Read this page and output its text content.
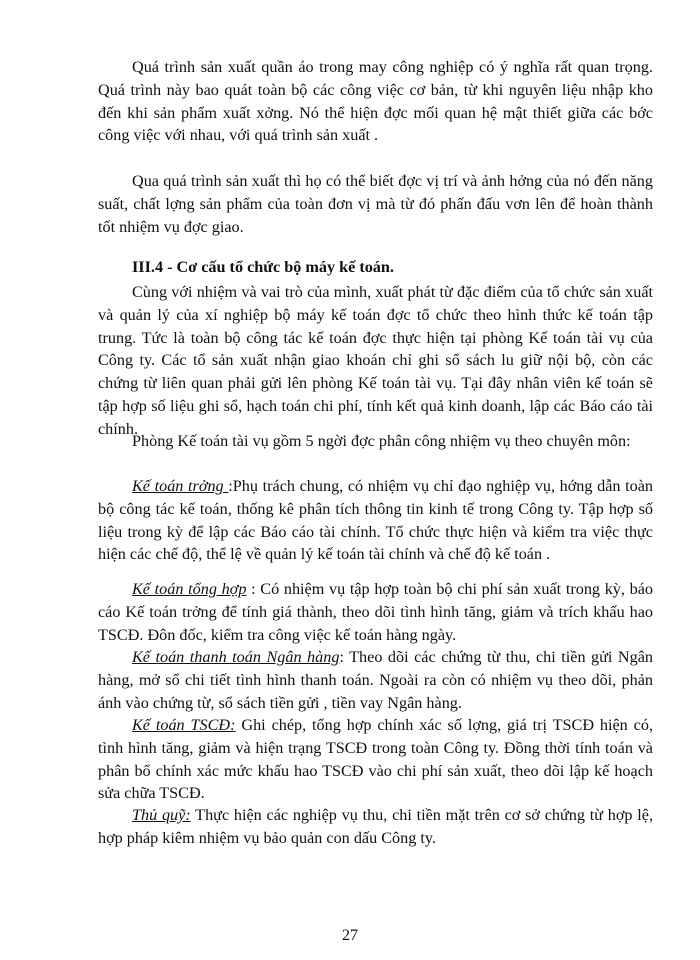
Quá trình sản xuất quần áo trong may công nghiệp có ý nghĩa rất quan trọng. Quá trình này bao quát toàn bộ các công việc cơ bản, từ khi nguyên liệu nhập kho đến khi sản phẩm xuất xởng. Nó thể hiện đợc mối quan hệ mật thiết giữa các bớc công việc với nhau, với quá trình sản xuất .

Qua quá trình sản xuất thì họ có thể biết đợc vị trí và ảnh hởng của nó đến năng suất, chất lợng sản phẩm của toàn đơn vị mà từ đó phấn đấu vơn lên để hoàn thành tốt nhiệm vụ đợc giao.

III.4 - Cơ cấu tổ chức bộ máy kế toán.

Cùng với nhiệm và vai trò của mình, xuất phát từ đặc điểm của tổ chức sản xuất và quản lý của xí nghiệp bộ máy kế toán đợc tổ chức theo hình thức kế toán tập trung. Tức là toàn bộ công tác kế toán đợc thực hiện tại phòng Kế toán tài vụ của Công ty. Các tổ sản xuất nhận giao khoán chỉ ghi sổ sách lu giữ nội bộ, còn các chứng từ liên quan phải gửi lên phòng Kế toán tài vụ. Tại đây nhân viên kế toán sẽ tập hợp số liệu ghi sổ, hạch toán chi phí, tính kết quả kinh doanh, lập các Báo cáo tài chính.

Phòng Kế toán tài vụ gồm 5 ngời đợc phân công nhiệm vụ theo chuyên môn:

Kế toán trởng :Phụ trách chung, có nhiệm vụ chỉ đạo nghiệp vụ, hớng dẫn toàn bộ công tác kế toán, thống kê phân tích thông tin kinh tế trong Công ty. Tập hợp số liệu trong kỳ để lập các Báo cáo tài chính. Tổ chức thực hiện và kiểm tra việc thực hiện các chế độ, thể lệ về quản lý kế toán tài chính và chế độ kế toán .

Kế toán tổng hợp : Có nhiệm vụ tập hợp toàn bộ chi phí sản xuất trong kỳ, báo cáo Kế toán trởng để tính giá thành, theo dõi tình hình tăng, giảm và trích khấu hao TSCĐ. Đôn đốc, kiểm tra công việc kế toán hàng ngày.

Kế toán thanh toán Ngân hàng: Theo dõi các chứng từ thu, chi tiền gửi Ngân hàng, mở sổ chi tiết tình hình thanh toán. Ngoài ra còn có nhiệm vụ theo dõi, phản ánh vào chứng từ, sổ sách tiền gửi , tiền vay Ngân hàng.

Kế toán TSCĐ: Ghi chép, tổng hợp chính xác số lợng, giá trị TSCĐ hiện có, tình hình tăng, giảm và hiện trạng TSCĐ trong toàn Công ty. Đồng thời tính toán và phân bổ chính xác mức khấu hao TSCĐ vào chi phí sản xuất, theo dõi lập kế hoạch sửa chữa TSCĐ.

Thủ quỹ: Thực hiện các nghiệp vụ thu, chi tiền mặt trên cơ sở chứng từ hợp lệ, hợp pháp kiêm nhiệm vụ bảo quản con dấu Công ty.

27
